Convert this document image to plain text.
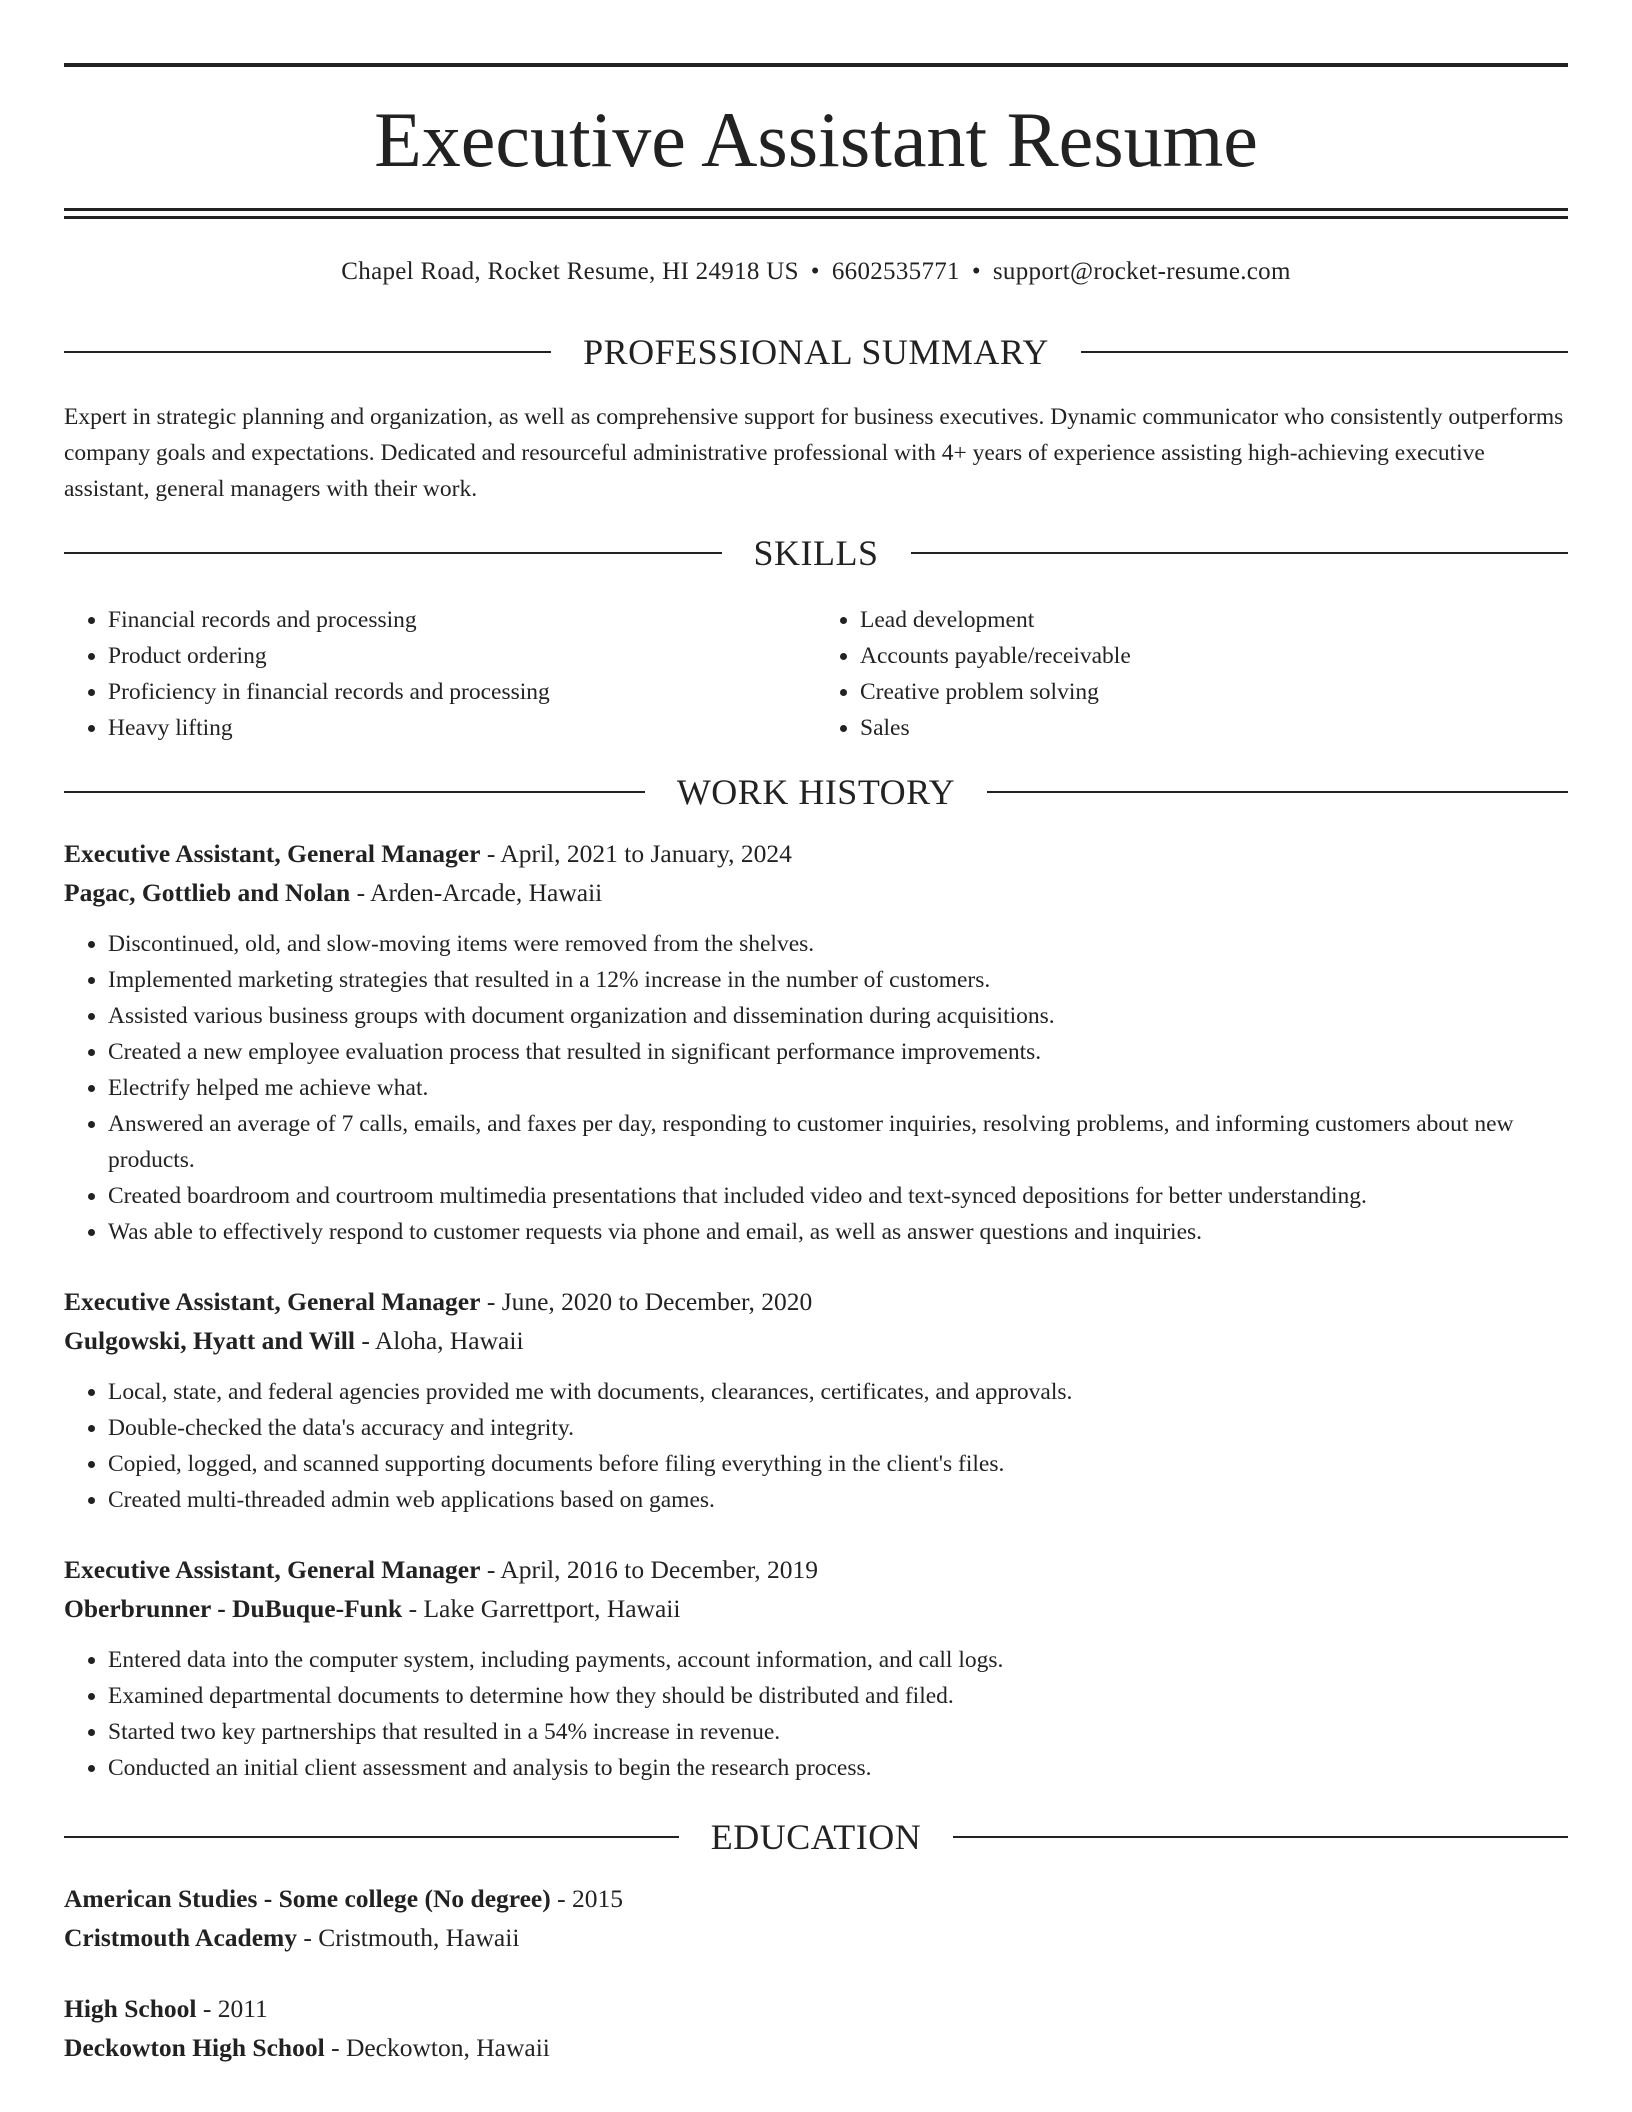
Executive Assistant Resume
Chapel Road, Rocket Resume, HI 24918 US • 6602535771 • support@rocket-resume.com
PROFESSIONAL SUMMARY

Expert in strategic planning and organization, as well as comprehensive support for business executives. Dynamic communicator who consistently outperforms company goals and expectations. Dedicated and resourceful administrative professional with 4+ years of experience assisting high-achieving executive assistant, general managers with their work.

SKILLS
• Financial records and processing
• Product ordering
• Proficiency in financial records and processing
• Heavy lifting
• Lead development
• Accounts payable/receivable
• Creative problem solving
• Sales
WORK HISTORY

Executive Assistant, General Manager - April, 2021 to January, 2024

Pagac, Gottlieb and Nolan - Arden-Arcade, Hawaii

• Discontinued, old, and slow-moving items were removed from the shelves.
• Implemented marketing strategies that resulted in a 12% increase in the number of customers.
• Assisted various business groups with document organization and dissemination during acquisitions.
• Created a new employee evaluation process that resulted in significant performance improvements.
• Electrify helped me achieve what.
• Answered an average of 7 calls, emails, and faxes per day, responding to customer inquiries, resolving problems, and informing customers about new products.
• Created boardroom and courtroom multimedia presentations that included video and text-synced depositions for better understanding.
• Was able to effectively respond to customer requests via phone and email, as well as answer questions and inquiries.

Executive Assistant, General Manager - June, 2020 to December, 2020

Gulgowski, Hyatt and Will - Aloha, Hawaii

• Local, state, and federal agencies provided me with documents, clearances, certificates, and approvals.
• Double-checked the data's accuracy and integrity.
• Copied, logged, and scanned supporting documents before filing everything in the client's files.
• Created multi-threaded admin web applications based on games.

Executive Assistant, General Manager - April, 2016 to December, 2019

Oberbrunner - DuBuque-Funk - Lake Garrettport, Hawaii

• Entered data into the computer system, including payments, account information, and call logs.
• Examined departmental documents to determine how they should be distributed and filed.
• Started two key partnerships that resulted in a 54% increase in revenue.
• Conducted an initial client assessment and analysis to begin the research process.
EDUCATION

American Studies - Some college (No degree) - 2015

Cristmouth Academy - Cristmouth, Hawaii

High School - 2011

Deckowton High School - Deckowton, Hawaii
